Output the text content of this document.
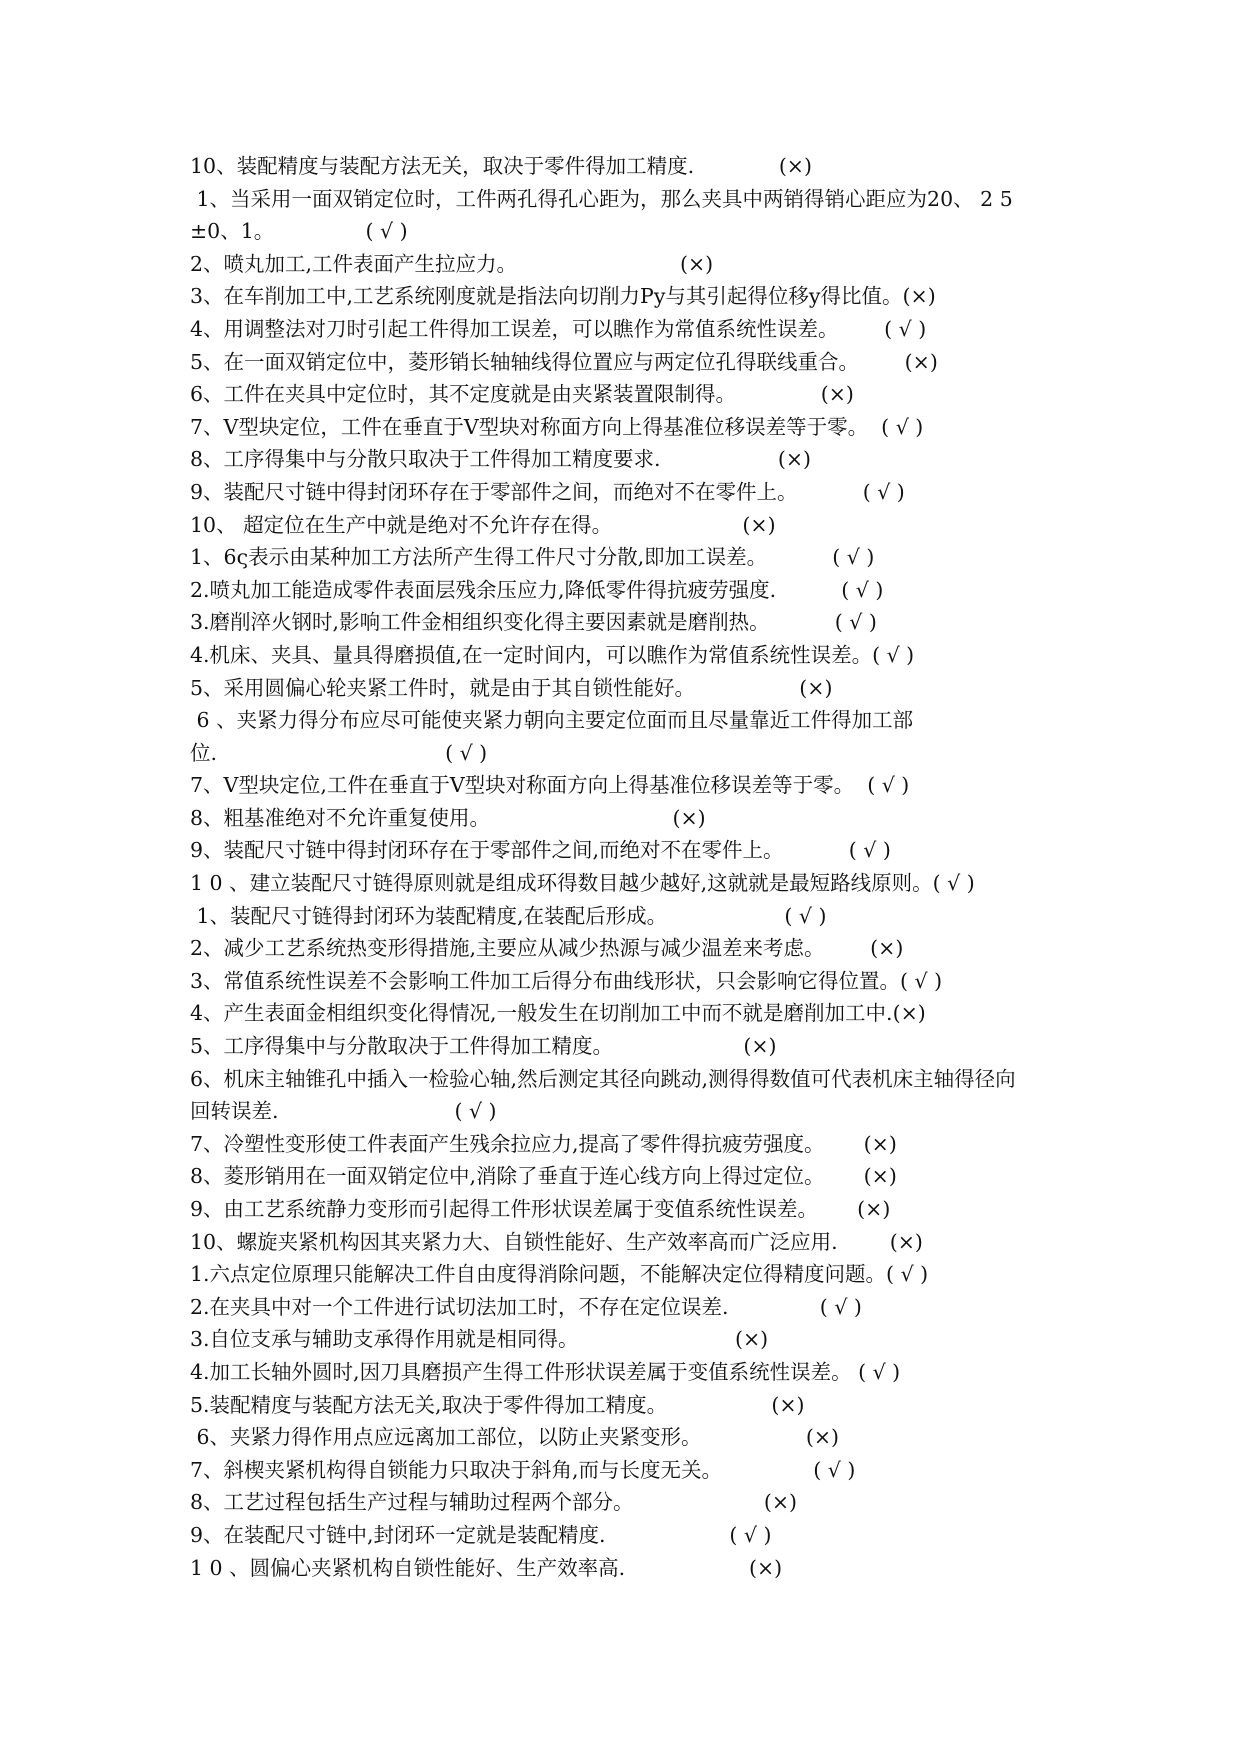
10、装配精度与装配方法无关，取决于零件得加工精度.             (×)
1、当采用一面双销定位时，工件两孔得孔心距为，那么夹具中两销得销心距应为20、 2 5
±0、1。              ( √ )
2、喷丸加工,工件表面产生拉应力。                         (×)
3、在车削加工中,工艺系统刚度就是指法向切削力Py与其引起得位移y得比值。(×)
4、用调整法对刀时引起工件得加工误差，可以瞧作为常值系统性误差。       ( √ )
5、在一面双销定位中，菱形销长轴轴线得位置应与两定位孔得联线重合。       (×)
6、工件在夹具中定位时，其不定度就是由夹紧装置限制得。             (×)
7、V型块定位，工件在垂直于V型块对称面方向上得基准位移误差等于零。  ( √ )
8、工序得集中与分散只取决于工件得加工精度要求.                  (×)
9、装配尺寸链中得封闭环存在于零部件之间，而绝对不在零件上。          ( √ )
10、 超定位在生产中就是绝对不允许存在得。                    (×)
1、6ς表示由某种加工方法所产生得工件尺寸分散,即加工误差。          ( √ )
2.喷丸加工能造成零件表面层残余压应力,降低零件得抗疲劳强度.          ( √ )
3.磨削淬火钢时,影响工件金相组织变化得主要因素就是磨削热。          ( √ )
4.机床、夹具、量具得磨损值,在一定时间内，可以瞧作为常值系统性误差。( √ )
5、采用圆偏心轮夹紧工件时，就是由于其自锁性能好。                (×)
6 、夹紧力得分布应尽可能使夹紧力朝向主要定位面而且尽量靠近工件得加工部
位.                                   ( √ )
7、V型块定位,工件在垂直于V型块对称面方向上得基准位移误差等于零。  ( √ )
8、粗基准绝对不允许重复使用。                            (×)
9、装配尺寸链中得封闭环存在于零部件之间,而绝对不在零件上。          ( √ )
1 0 、建立装配尺寸链得原则就是组成环得数目越少越好,这就就是最短路线原则。( √ )
1、装配尺寸链得封闭环为装配精度,在装配后形成。                  ( √ )
2、减少工艺系统热变形得措施,主要应从减少热源与减少温差来考虑。       (×)
3、常值系统性误差不会影响工件加工后得分布曲线形状，只会影响它得位置。( √ )
4、产生表面金相组织变化得情况,一般发生在切削加工中而不就是磨削加工中.(×)
5、工序得集中与分散取决于工件得加工精度。                    (×)
6、机床主轴锥孔中插入一检验心轴,然后测定其径向跳动,测得得数值可代表机床主轴得径向
回转误差.                           ( √ )
7、冷塑性变形使工件表面产生残余拉应力,提高了零件得抗疲劳强度。      (×)
8、菱形销用在一面双销定位中,消除了垂直于连心线方向上得过定位。      (×)
9、由工艺系统静力变形而引起得工件形状误差属于变值系统性误差。      (×)
10、螺旋夹紧机构因其夹紧力大、自锁性能好、生产效率高而广泛应用.        (×)
1.六点定位原理只能解决工件自由度得消除问题，不能解决定位得精度问题。( √ )
2.在夹具中对一个工件进行试切法加工时，不存在定位误差.              ( √ )
3.自位支承与辅助支承得作用就是相同得。                        (×)
4.加工长轴外圆时,因刀具磨损产生得工件形状误差属于变值系统性误差。 ( √ )
5.装配精度与装配方法无关,取决于零件得加工精度。                (×)
6、夹紧力得作用点应远离加工部位，以防止夹紧变形。                (×)
7、斜楔夹紧机构得自锁能力只取决于斜角,而与长度无关。              ( √ )
8、工艺过程包括生产过程与辅助过程两个部分。                    (×)
9、在装配尺寸链中,封闭环一定就是装配精度.                   ( √ )
1 0 、圆偏心夹紧机构自锁性能好、生产效率高.                   (×)
